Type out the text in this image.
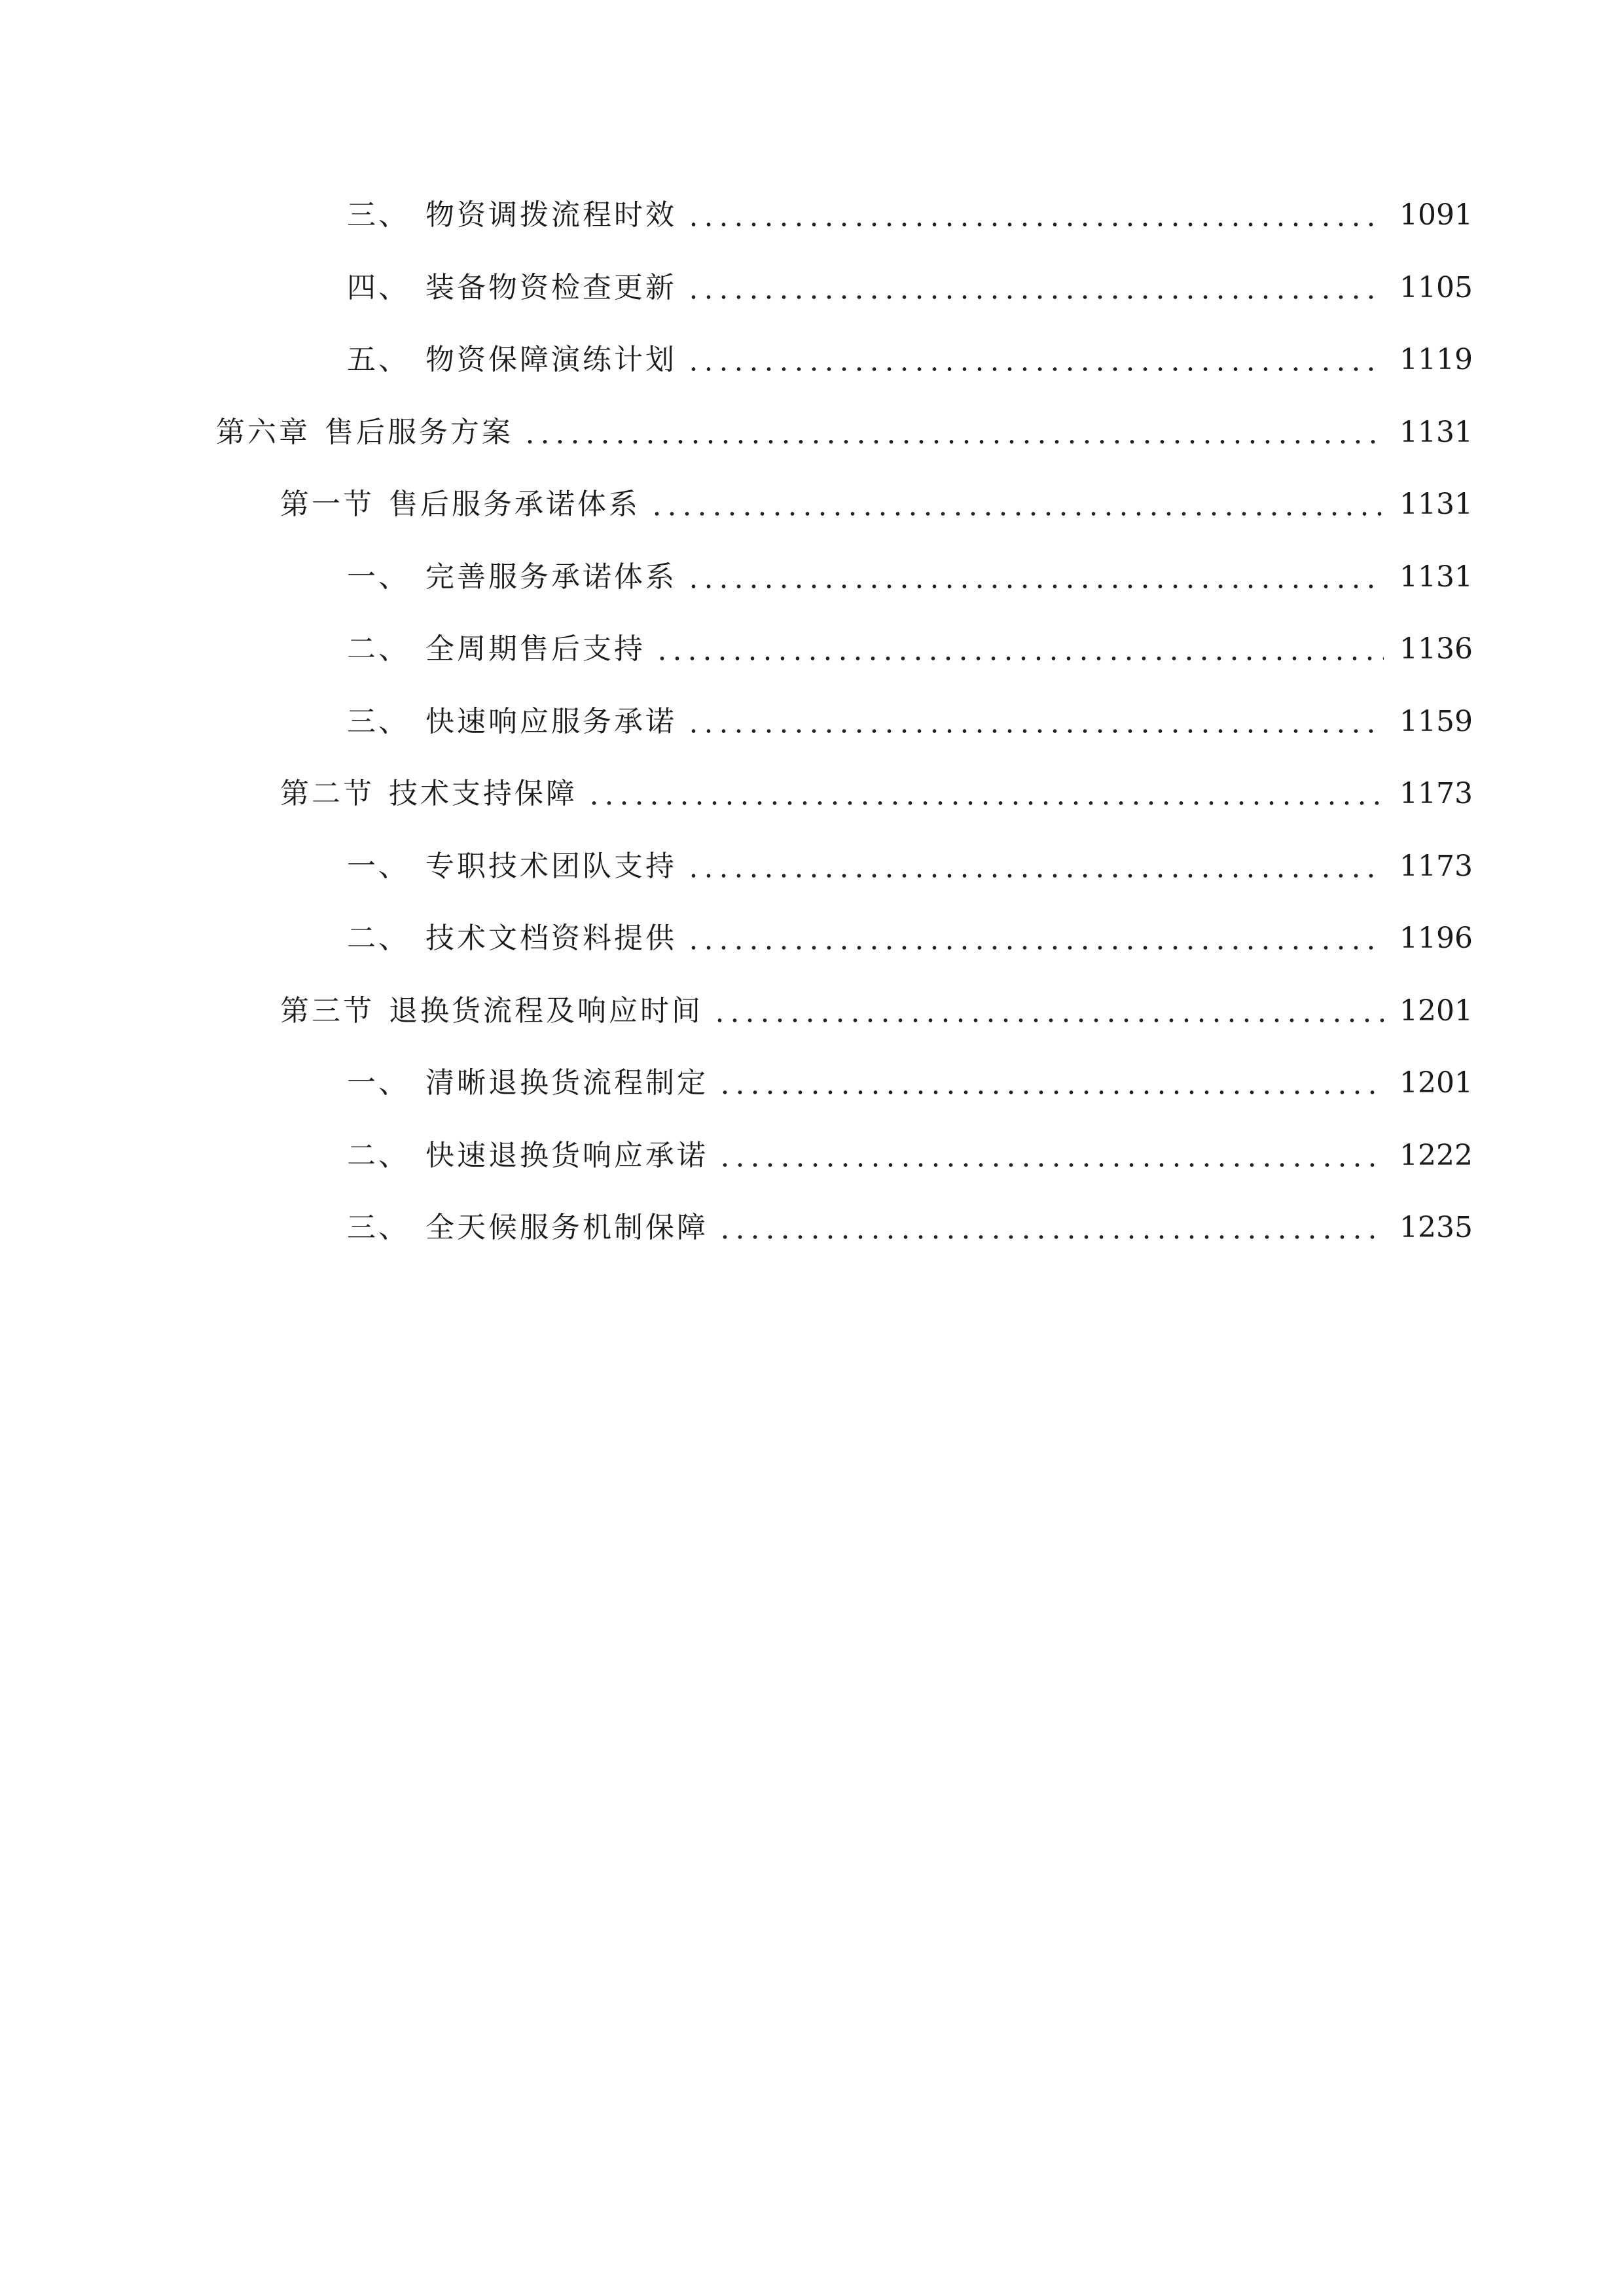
三、 物资调拨流程时效	1091
四、 装备物资检查更新	1105
五、 物资保障演练计划	1119
第六章 售后服务方案	1131
第一节 售后服务承诺体系	1131
一、 完善服务承诺体系	1131
二、 全周期售后支持	1136
三、 快速响应服务承诺	1159
第二节 技术支持保障	1173
一、 专职技术团队支持	1173
二、 技术文档资料提供	1196
第三节 退换货流程及响应时间	1201
一、 清晰退换货流程制定	1201
二、 快速退换货响应承诺	1222
三、 全天候服务机制保障	1235
